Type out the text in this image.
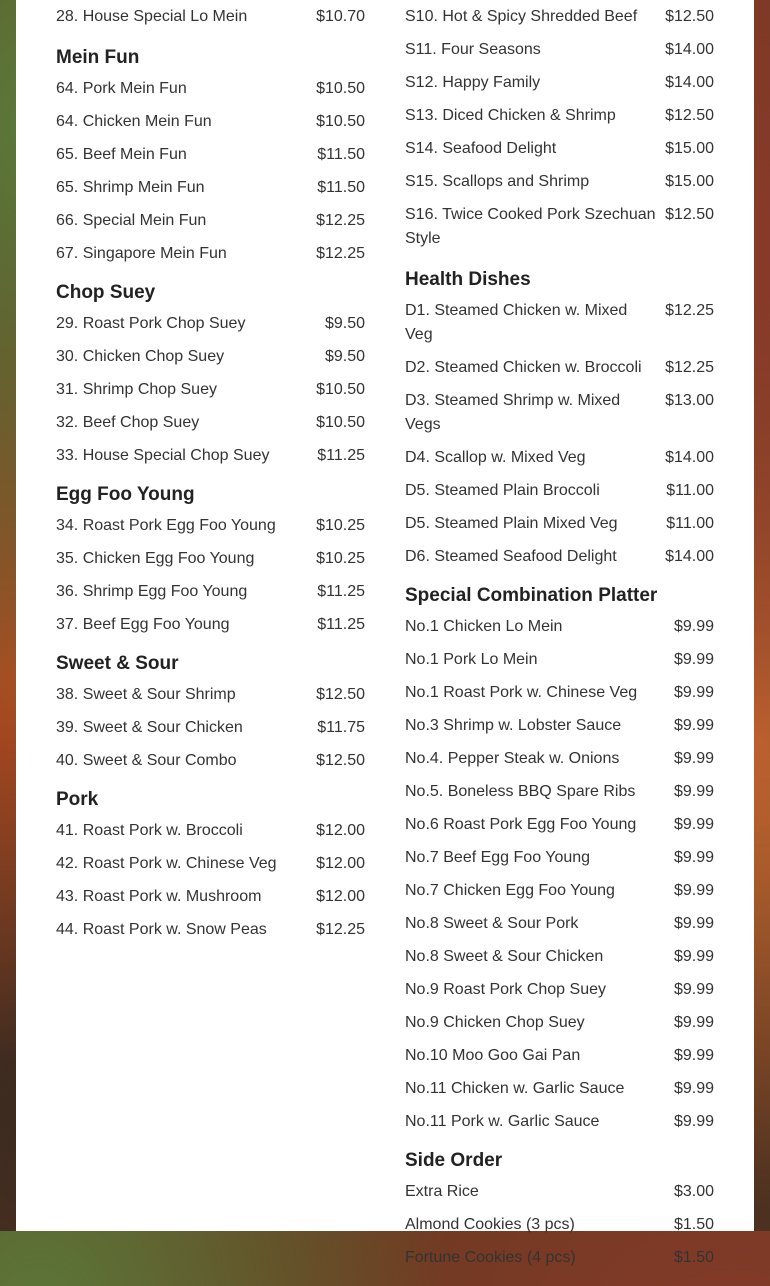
28. House Special Lo Mein	$10.70
Mein Fun
64. Pork Mein Fun	$10.50
64. Chicken Mein Fun	$10.50
65. Beef Mein Fun	$11.50
65. Shrimp Mein Fun	$11.50
66. Special Mein Fun	$12.25
67. Singapore Mein Fun	$12.25
Chop Suey
29. Roast Pork Chop Suey	$9.50
30. Chicken Chop Suey	$9.50
31. Shrimp Chop Suey	$10.50
32. Beef Chop Suey	$10.50
33. House Special Chop Suey	$11.25
Egg Foo Young
34. Roast Pork Egg Foo Young	$10.25
35. Chicken Egg Foo Young	$10.25
36. Shrimp Egg Foo Young	$11.25
37. Beef Egg Foo Young	$11.25
Sweet & Sour
38. Sweet & Sour Shrimp	$12.50
39. Sweet & Sour Chicken	$11.75
40. Sweet & Sour Combo	$12.50
Pork
41. Roast Pork w. Broccoli	$12.00
42. Roast Pork w. Chinese Veg	$12.00
43. Roast Pork w. Mushroom	$12.00
44. Roast Pork w. Snow Peas	$12.25
S10. Hot & Spicy Shredded Beef	$12.50
S11. Four Seasons	$14.00
S12. Happy Family	$14.00
S13. Diced Chicken & Shrimp	$12.50
S14. Seafood Delight	$15.00
S15. Scallops and Shrimp	$15.00
S16. Twice Cooked Pork Szechuan Style
$12.50
Health Dishes
D1. Steamed Chicken w. Mixed Veg
$12.25
D2. Steamed Chicken w. Broccoli	$12.25
D3. Steamed Shrimp w. Mixed Vegs
$13.00
D4. Scallop w. Mixed Veg	$14.00
D5. Steamed Plain Broccoli	$11.00
D5. Steamed Plain Mixed Veg	$11.00
D6. Steamed Seafood Delight	$14.00
Special Combination Platter
No.1 Chicken Lo Mein	$9.99
No.1 Pork Lo Mein	$9.99
No.1 Roast Pork w. Chinese Veg	$9.99
No.3 Shrimp w. Lobster Sauce	$9.99
No.4. Pepper Steak w. Onions	$9.99
No.5. Boneless BBQ Spare Ribs	$9.99
No.6 Roast Pork Egg Foo Young	$9.99
No.7 Beef Egg Foo Young	$9.99
No.7 Chicken Egg Foo Young	$9.99
No.8 Sweet & Sour Pork	$9.99
No.8 Sweet & Sour Chicken	$9.99
No.9 Roast Pork Chop Suey	$9.99
No.9 Chicken Chop Suey	$9.99
No.10 Moo Goo Gai Pan	$9.99
No.11 Chicken w. Garlic Sauce	$9.99
No.11 Pork w. Garlic Sauce	$9.99
Side Order
Extra Rice	$3.00
Almond Cookies (3 pcs)	$1.50
Fortune Cookies (4 pcs)	$1.50
